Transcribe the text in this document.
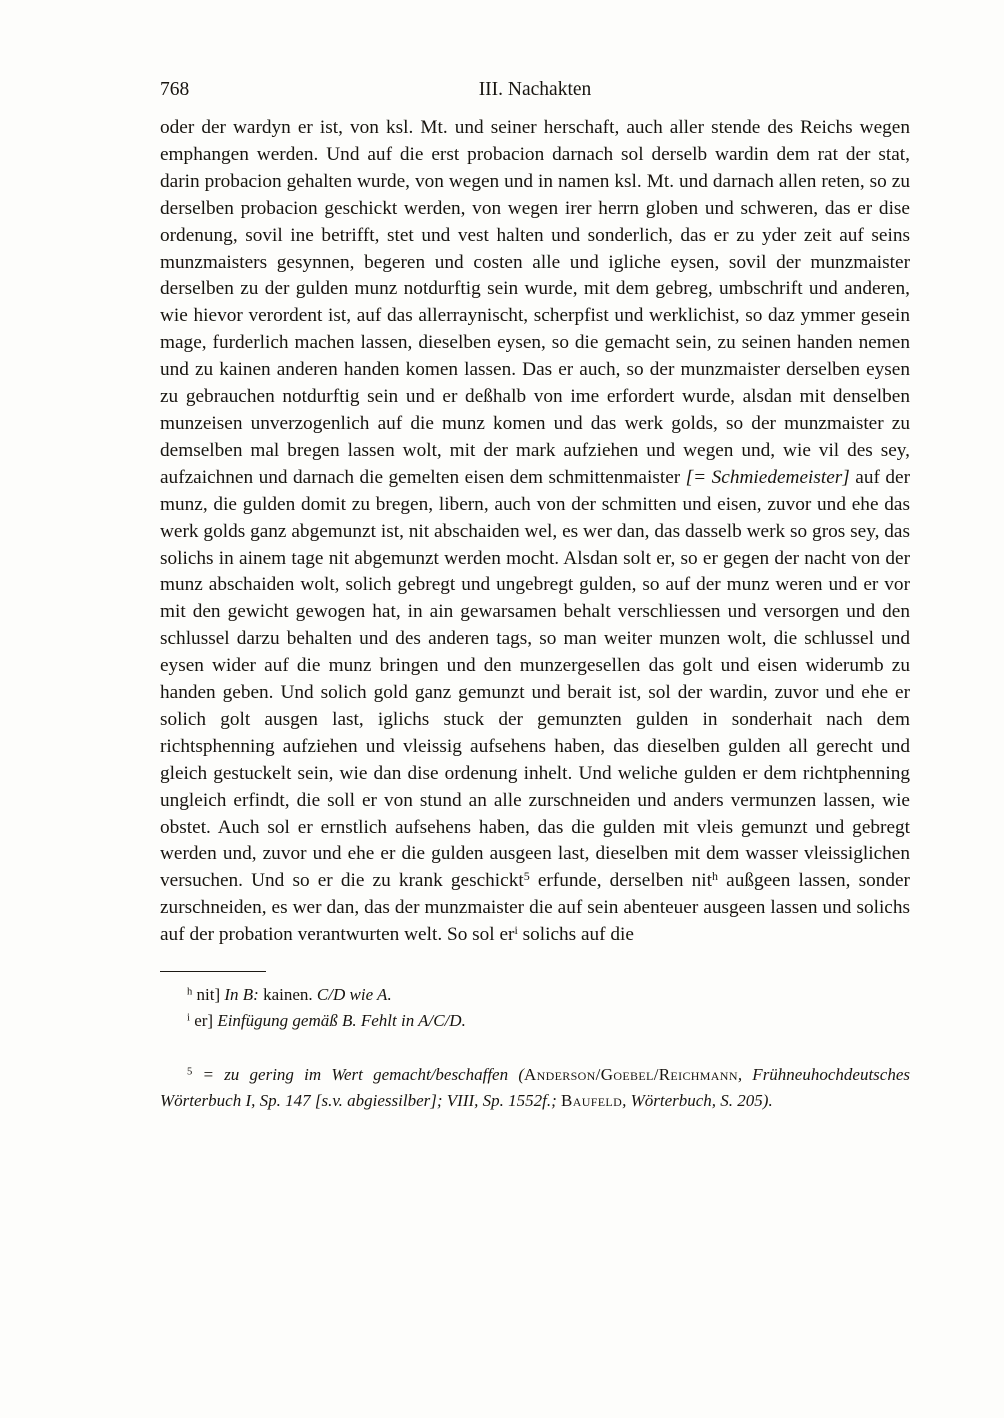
768	III. Nachakten

oder der wardyn er ist, von ksl. Mt. und seiner herschaft, auch aller stende des Reichs wegen emphangen werden. Und auf die erst probacion darnach sol derselb wardin dem rat der stat, darin probacion gehalten wurde, von wegen und in namen ksl. Mt. und darnach allen reten, so zu derselben probacion geschickt werden, von wegen irer herrn globen und schweren, das er dise ordenung, sovil ine betrifft, stet und vest halten und sonderlich, das er zu yder zeit auf seins munzmaisters gesynnen, begeren und costen alle und igliche eysen, sovil der munzmaister derselben zu der gulden munz notdurftig sein wurde, mit dem gebreg, umbschrift und anderen, wie hievor verordent ist, auf das allerraynischt, scherpfist und werklichist, so daz ymmer gesein mage, furderlich machen lassen, dieselben eysen, so die gemacht sein, zu seinen handen nemen und zu kainen anderen handen komen lassen. Das er auch, so der munzmaister derselben eysen zu gebrauchen notdurftig sein und er deßhalb von ime erfordert wurde, alsdan mit denselben munzeisen unverzogenlich auf die munz komen und das werk golds, so der munzmaister zu demselben mal bregen lassen wolt, mit der mark aufziehen und wegen und, wie vil des sey, aufzaichnen und darnach die gemelten eisen dem schmittenmaister [= Schmiedemeister] auf der munz, die gulden domit zu bregen, libern, auch von der schmitten und eisen, zuvor und ehe das werk golds ganz abgemunzt ist, nit abschaiden wel, es wer dan, das dasselb werk so gros sey, das solichs in ainem tage nit abgemunzt werden mocht. Alsdan solt er, so er gegen der nacht von der munz abschaiden wolt, solich gebregt und ungebregt gulden, so auf der munz weren und er vor mit den gewicht gewogen hat, in ain gewarsamen behalt verschliessen und versorgen und den schlussel darzu behalten und des anderen tags, so man weiter munzen wolt, die schlussel und eysen wider auf die munz bringen und den munzergesellen das golt und eisen widerumb zu handen geben. Und solich gold ganz gemunzt und berait ist, sol der wardin, zuvor und ehe er solich golt ausgen last, iglichs stuck der gemunzten gulden in sonderhait nach dem richtsphenning aufziehen und vleissig aufsehens haben, das dieselben gulden all gerecht und gleich gestuckelt sein, wie dan dise ordenung inhelt. Und weliche gulden er dem richtphenning ungleich erfindt, die soll er von stund an alle zurschneiden und anders vermunzen lassen, wie obstet. Auch sol er ernstlich aufsehens haben, das die gulden mit vleis gemunzt und gebregt werden und, zuvor und ehe er die gulden ausgeen last, dieselben mit dem wasser vleissiglichen versuchen. Und so er die zu krank geschickt$^5$ erfunde, derselben nit$^h$ außgeen lassen, sonder zurschneiden, es wer dan, das der munzmaister die auf sein abenteuer ausgeen lassen und solichs auf der probation verantwurten welt. So sol $er^i$ solichs auf die

$^h$ nit] In B: kainen. C/D wie A.

$^i$ er] Einfügung gemäß B. Fehlt in A/C/D.

$^5$ = zu gering im Wert gemacht/beschaffen (Anderson/Goebel/Reichmann, Frühneuhochdeutsches Wörterbuch I, Sp. 147 [s.v. abgiessilber]; VIII, Sp. 1552f.; Baufeld, Wörterbuch, S. 205).
